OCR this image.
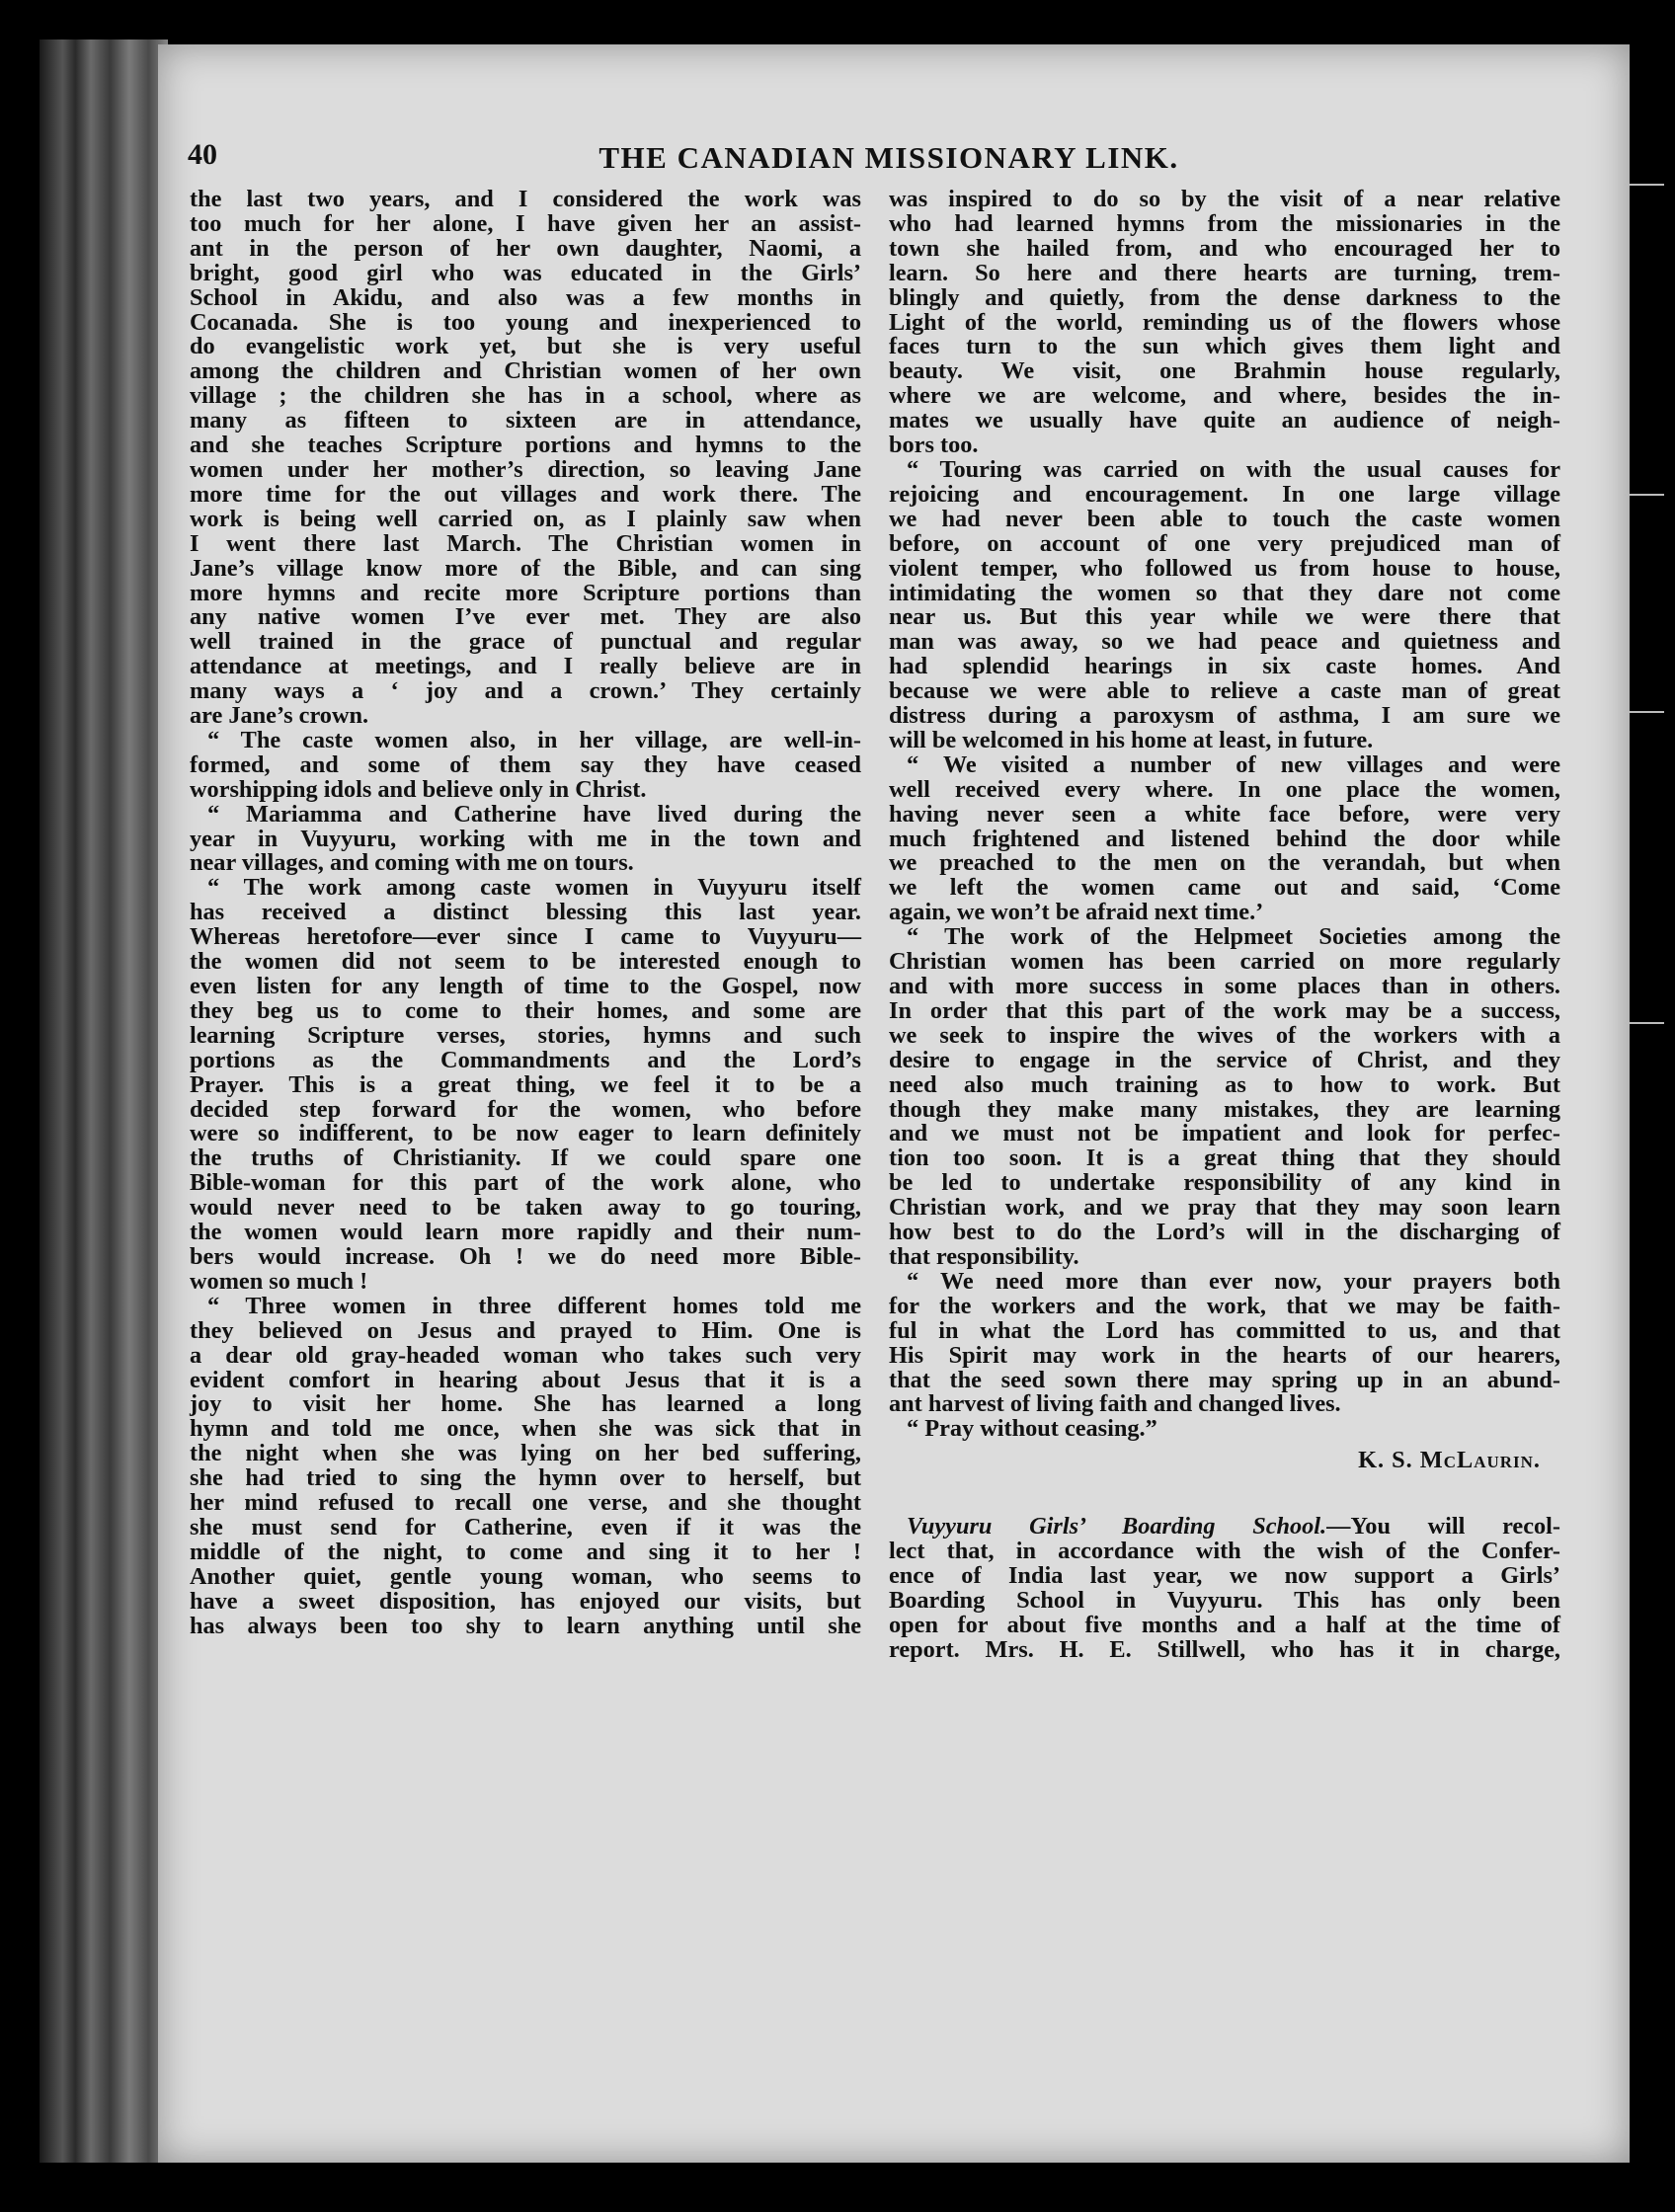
40	THE CANADIAN MISSIONARY LINK.
the last two years, and I considered the work was
too much for her alone, I have given her an assist-
ant in the person of her own daughter, Naomi, a
bright, good girl who was educated in the Girls’
School in Akidu, and also was a few months in
Cocanada. She is too young and inexperienced to
do evangelistic work yet, but she is very useful
among the children and Christian women of her own
village ; the children she has in a school, where as
many as fifteen to sixteen are in attendance,
and she teaches Scripture portions and hymns to the
women under her mother’s direction, so leaving Jane
more time for the out villages and work there. The
work is being well carried on, as I plainly saw when
I went there last March. The Christian women in
Jane’s village know more of the Bible, and can sing
more hymns and recite more Scripture portions than
any native women I’ve ever met. They are also
well trained in the grace of punctual and regular
attendance at meetings, and I really believe are in
many ways a ‘ joy and a crown.’ They certainly
are Jane’s crown.
“ The caste women also, in her village, are well-in-
formed, and some of them say they have ceased
worshipping idols and believe only in Christ.
“ Mariamma and Catherine have lived during the
year in Vuyyuru, working with me in the town and
near villages, and coming with me on tours.
“ The work among caste women in Vuyyuru itself
has received a distinct blessing this last year.
Whereas heretofore—ever since I came to Vuyyuru—
the women did not seem to be interested enough to
even listen for any length of time to the Gospel, now
they beg us to come to their homes, and some are
learning Scripture verses, stories, hymns and such
portions as the Commandments and the Lord’s
Prayer. This is a great thing, we feel it to be a
decided step forward for the women, who before
were so indifferent, to be now eager to learn definitely
the truths of Christianity. If we could spare one
Bible-woman for this part of the work alone, who
would never need to be taken away to go touring,
the women would learn more rapidly and their num-
bers would increase. Oh ! we do need more Bible-
women so much !
“ Three women in three different homes told me
they believed on Jesus and prayed to Him. One is
a dear old gray-headed woman who takes such very
evident comfort in hearing about Jesus that it is a
joy to visit her home. She has learned a long
hymn and told me once, when she was sick that in
the night when she was lying on her bed suffering,
she had tried to sing the hymn over to herself, but
her mind refused to recall one verse, and she thought
she must send for Catherine, even if it was the
middle of the night, to come and sing it to her !
Another quiet, gentle young woman, who seems to
have a sweet disposition, has enjoyed our visits, but
has always been too shy to learn anything until she
was inspired to do so by the visit of a near relative
who had learned hymns from the missionaries in the
town she hailed from, and who encouraged her to
learn. So here and there hearts are turning, trem-
blingly and quietly, from the dense darkness to the
Light of the world, reminding us of the flowers whose
faces turn to the sun which gives them light and
beauty. We visit, one Brahmin house regularly,
where we are welcome, and where, besides the in-
mates we usually have quite an audience of neigh-
bors too.
“ Touring was carried on with the usual causes for
rejoicing and encouragement. In one large village
we had never been able to touch the caste women
before, on account of one very prejudiced man of
violent temper, who followed us from house to house,
intimidating the women so that they dare not come
near us. But this year while we were there that
man was away, so we had peace and quietness and
had splendid hearings in six caste homes. And
because we were able to relieve a caste man of great
distress during a paroxysm of asthma, I am sure we
will be welcomed in his home at least, in future.
“ We visited a number of new villages and were
well received every where. In one place the women,
having never seen a white face before, were very
much frightened and listened behind the door while
we preached to the men on the verandah, but when
we left the women came out and said, ‘Come
again, we won’t be afraid next time.’
“ The work of the Helpmeet Societies among the
Christian women has been carried on more regularly
and with more success in some places than in others.
In order that this part of the work may be a success,
we seek to inspire the wives of the workers with a
desire to engage in the service of Christ, and they
need also much training as to how to work. But
though they make many mistakes, they are learning
and we must not be impatient and look for perfec-
tion too soon. It is a great thing that they should
be led to undertake responsibility of any kind in
Christian work, and we pray that they may soon learn
how best to do the Lord’s will in the discharging of
that responsibility.
“ We need more than ever now, your prayers both
for the workers and the work, that we may be faith-
ful in what the Lord has committed to us, and that
His Spirit may work in the hearts of our hearers,
that the seed sown there may spring up in an abund-
ant harvest of living faith and changed lives.
“ Pray without ceasing.”
K. S. McLaurin.
Vuyyuru Girls’ Boarding School.—You will recol-
lect that, in accordance with the wish of the Confer-
ence of India last year, we now support a Girls’
Boarding School in Vuyyuru. This has only been
open for about five months and a half at the time of
report. Mrs. H. E. Stillwell, who has it in charge,
